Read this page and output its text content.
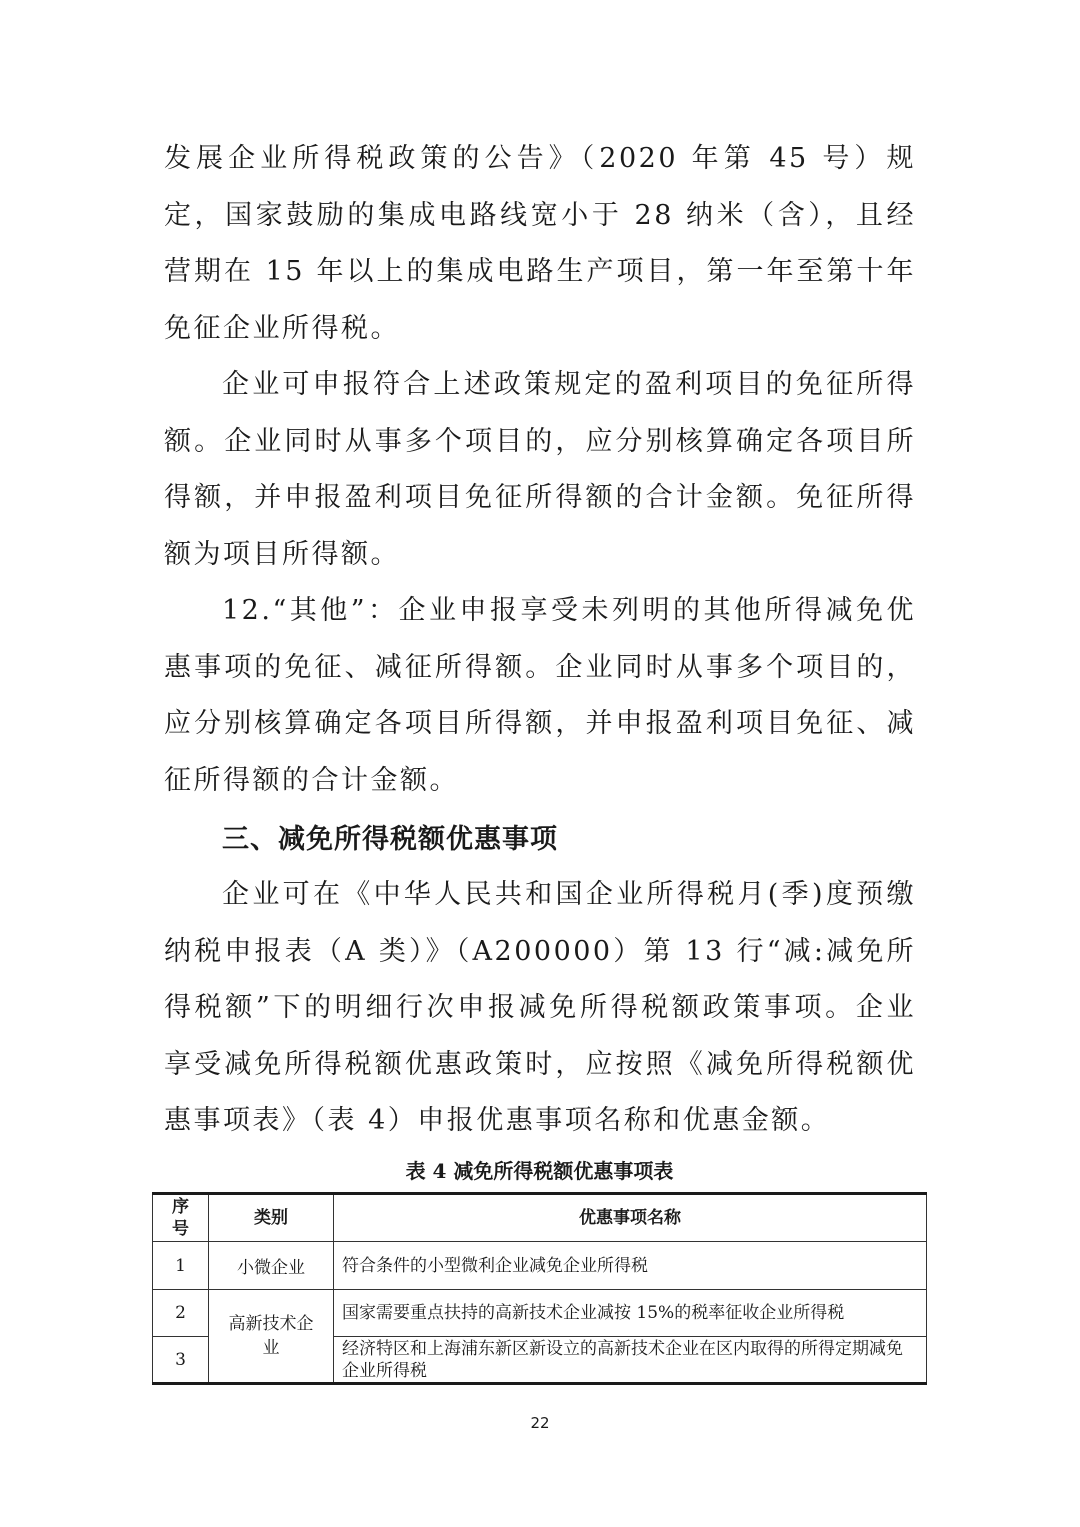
发展企业所得税政策的公告》（2020 年第 45 号）规定，国家鼓励的集成电路线宽小于 28 纳米（含），且经营期在 15 年以上的集成电路生产项目，第一年至第十年免征企业所得税。

企业可申报符合上述政策规定的盈利项目的免征所得额。企业同时从事多个项目的，应分别核算确定各项目所得额，并申报盈利项目免征所得额的合计金额。免征所得额为项目所得额。

12.“其他”：企业申报享受未列明的其他所得减免优惠事项的免征、减征所得额。企业同时从事多个项目的，应分别核算确定各项目所得额，并申报盈利项目免征、减征所得额的合计金额。

三、减免所得税额优惠事项

企业可在《中华人民共和国企业所得税月(季)度预缴纳税申报表（A 类）》（A200000）第 13 行“减:减免所得税额”下的明细行次申报减免所得税额政策事项。企业享受减免所得税额优惠政策时，应按照《减免所得税额优惠事项表》（表 4）申报优惠事项名称和优惠金额。

表 4 减免所得税额优惠事项表
序号	类别	优惠事项名称
1	小微企业	符合条件的小型微利企业减免企业所得税
2	高新技术企业	国家需要重点扶持的高新技术企业减按 15%的税率征收企业所得税
3		经济特区和上海浦东新区新设立的高新技术企业在区内取得的所得定期减免企业所得税
22
